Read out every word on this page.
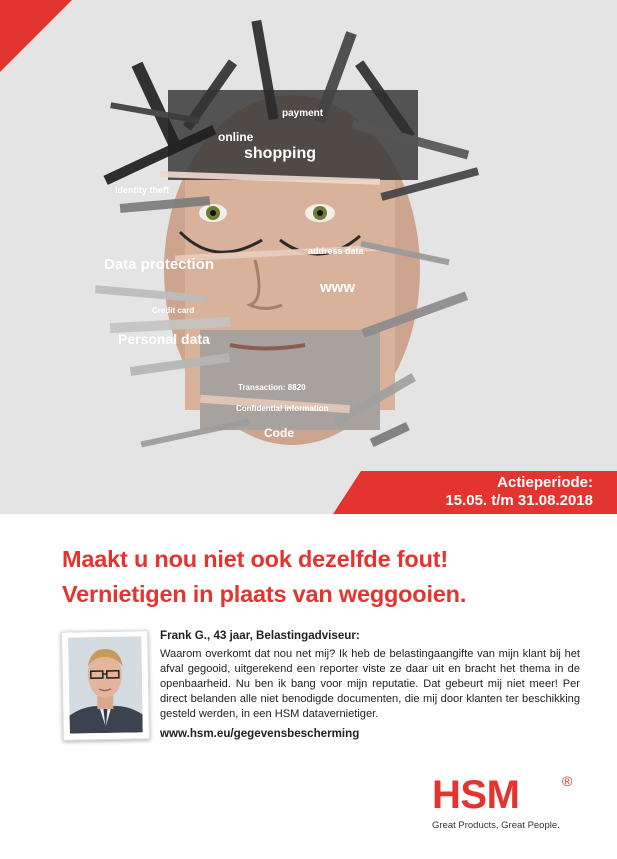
payment
online
shopping
Identity theft
address data
Data protection
www
Credit card
Personal data
Transaction: 8820
Confidential information
Code
Actieperiode:
15.05. t/m 31.08.2018
Maakt u nou niet ook dezelfde fout!
Vernietigen in plaats van weggooien.
Frank G., 43 jaar, Belastingadviseur:

Waarom overkomt dat nou net mij? Ik heb de belastingaangifte van mijn klant bij het afval gegooid, uitgerekend een reporter viste ze daar uit en bracht het thema in de openbaarheid. Nu ben ik bang voor mijn reputatie. Dat gebeurt mij niet meer! Per direct belanden alle niet benodigde documenten, die mij door klanten ter beschikking gesteld werden, in een HSM datavernietiger.

www.hsm.eu/gegevensbescherming
HSM	®
Great Products, Great People.
